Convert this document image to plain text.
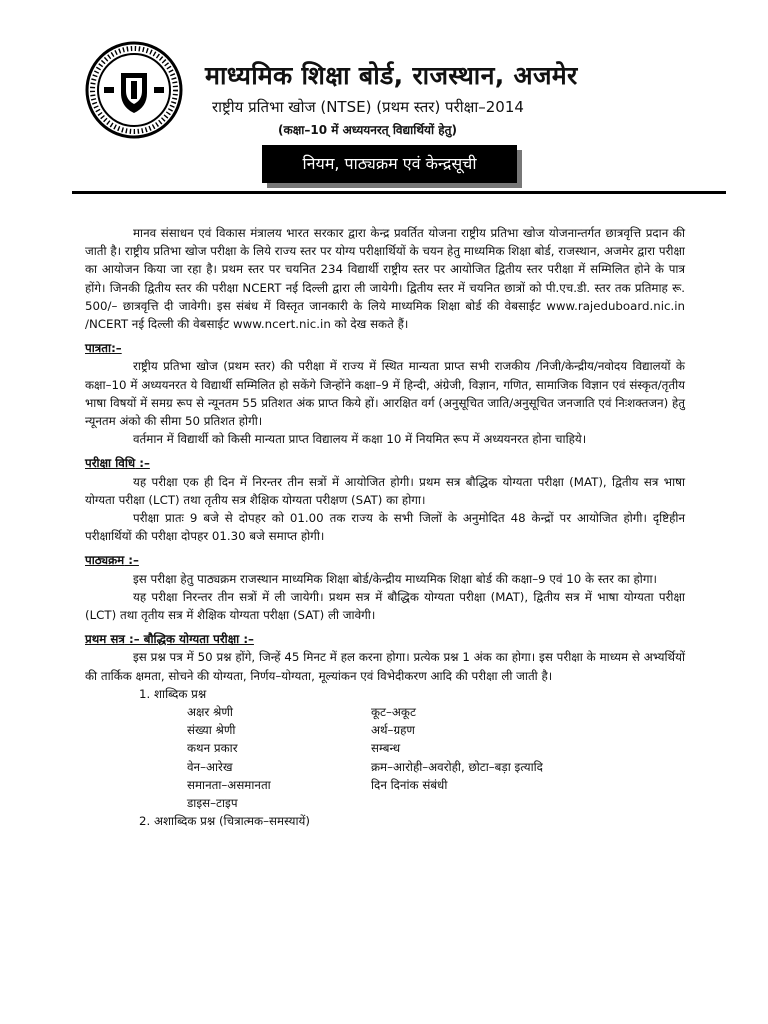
माध्यमिक शिक्षा बोर्ड, राजस्थान, अजमेर
राष्ट्रीय प्रतिभा खोज (NTSE) (प्रथम स्तर) परीक्षा–2014
(कक्षा–10 में अध्ययनरत् विद्यार्थियों हेतु)
नियम, पाठ्यक्रम एवं केन्द्रसूची

मानव संसाधन एवं विकास मंत्रालय भारत सरकार द्वारा केन्द्र प्रवर्तित योजना राष्ट्रीय प्रतिभा खोज योजनान्तर्गत छात्रवृत्ति प्रदान की जाती है। राष्ट्रीय प्रतिभा खोज परीक्षा के लिये राज्य स्तर पर योग्य परीक्षार्थियों के चयन हेतु माध्यमिक शिक्षा बोर्ड, राजस्थान, अजमेर द्वारा परीक्षा का आयोजन किया जा रहा है। प्रथम स्तर पर चयनित 234 विद्यार्थी राष्ट्रीय स्तर पर आयोजित द्वितीय स्तर परीक्षा में सम्मिलित होने के पात्र होंगे। जिनकी द्वितीय स्तर की परीक्षा NCERT नई दिल्ली द्वारा ली जायेगी। द्वितीय स्तर में चयनित छात्रों को पी.एच.डी. स्तर तक प्रतिमाह रू. 500/– छात्रवृत्ति दी जावेगी। इस संबंध में विस्तृत जानकारी के लिये माध्यमिक शिक्षा बोर्ड की वेबसाईट www.rajeduboard.nic.in /NCERT नई दिल्ली की वेबसाईट www.ncert.nic.in को देख सकते हैं।

पात्रता:–

राष्ट्रीय प्रतिभा खोज (प्रथम स्तर) की परीक्षा में राज्य में स्थित मान्यता प्राप्त सभी राजकीय /निजी/केन्द्रीय/नवोदय विद्यालयों के कक्षा–10 में अध्ययनरत ये विद्यार्थी सम्मिलित हो सकेंगे जिन्होंने कक्षा–9 में हिन्दी, अंग्रेजी, विज्ञान, गणित, सामाजिक विज्ञान एवं संस्कृत/तृतीय भाषा विषयों में समग्र रूप से न्यूनतम 55 प्रतिशत अंक प्राप्त किये हों। आरक्षित वर्ग (अनुसूचित जाति/अनुसूचित जनजाति एवं निःशक्तजन) हेतु न्यूनतम अंको की सीमा 50 प्रतिशत होगी।

वर्तमान में विद्यार्थी को किसी मान्यता प्राप्त विद्यालय में कक्षा 10 में नियमित रूप में अध्ययनरत होना चाहिये।

परीक्षा विधि :–

यह परीक्षा एक ही दिन में निरन्तर तीन सत्रों में आयोजित होगी। प्रथम सत्र बौद्धिक योग्यता परीक्षा (MAT), द्वितीय सत्र भाषा योग्यता परीक्षा (LCT) तथा तृतीय सत्र शैक्षिक योग्यता परीक्षण (SAT) का होगा।

परीक्षा प्रातः 9 बजे से दोपहर को 01.00 तक राज्य के सभी जिलों के अनुमोदित 48 केन्द्रों पर आयोजित होगी। दृष्टिहीन परीक्षार्थियों की परीक्षा दोपहर 01.30 बजे समाप्त होगी।

पाठ्यक्रम :–

इस परीक्षा हेतु पाठ्यक्रम राजस्थान माध्यमिक शिक्षा बोर्ड/केन्द्रीय माध्यमिक शिक्षा बोर्ड की कक्षा–9 एवं 10 के स्तर का होगा।

यह परीक्षा निरन्तर तीन सत्रों में ली जायेगी। प्रथम सत्र में बौद्धिक योग्यता परीक्षा (MAT), द्वितीय सत्र में भाषा योग्यता परीक्षा (LCT) तथा तृतीय सत्र में शैक्षिक योग्यता परीक्षा (SAT) ली जावेगी।

प्रथम सत्र :– बौद्धिक योग्यता परीक्षा :–

इस प्रश्न पत्र में 50 प्रश्न होंगे, जिन्हें 45 मिनट में हल करना होगा। प्रत्येक प्रश्न 1 अंक का होगा। इस परीक्षा के माध्यम से अभ्यर्थियों की तार्किक क्षमता, सोचने की योग्यता, निर्णय–योग्यता, मूल्यांकन एवं विभेदीकरण आदि की परीक्षा ली जाती है।

1. शाब्दिक प्रश्न

अक्षर श्रेणी	कूट–अकूट
संख्या श्रेणी	अर्थ–ग्रहण
कथन प्रकार	सम्बन्ध
वेन–आरेख	क्रम–आरोही–अवरोही, छोटा–बड़ा इत्यादि
समानता–असमानता	दिन दिनांक संबंधी
डाइस–टाइप

2. अशाब्दिक प्रश्न (चित्रात्मक–समस्यायें)
